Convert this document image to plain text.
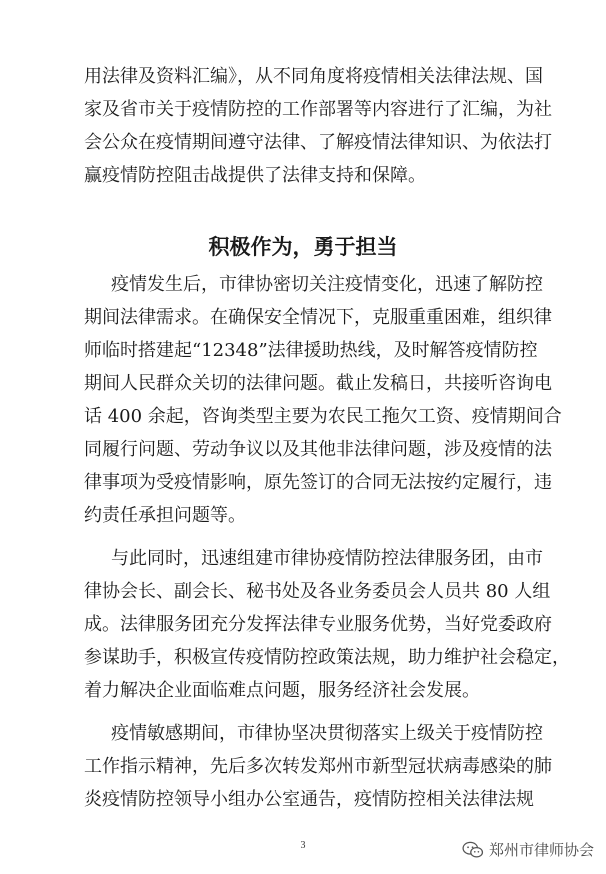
用法律及资料汇编》，从不同角度将疫情相关法律法规、国
家及省市关于疫情防控的工作部署等内容进行了汇编，为社
会公众在疫情期间遵守法律、了解疫情法律知识、为依法打
赢疫情防控阻击战提供了法律支持和保障。
积极作为，勇于担当
疫情发生后，市律协密切关注疫情变化，迅速了解防控
期间法律需求。在确保安全情况下，克服重重困难，组织律
师临时搭建起“12348”法律援助热线，及时解答疫情防控
期间人民群众关切的法律问题。截止发稿日，共接听咨询电
话 400 余起，咨询类型主要为农民工拖欠工资、疫情期间合
同履行问题、劳动争议以及其他非法律问题，涉及疫情的法
律事项为受疫情影响，原先签订的合同无法按约定履行，违
约责任承担问题等。
与此同时，迅速组建市律协疫情防控法律服务团，由市
律协会长、副会长、秘书处及各业务委员会人员共 80 人组
成。法律服务团充分发挥法律专业服务优势，当好党委政府
参谋助手，积极宣传疫情防控政策法规，助力维护社会稳定，
着力解决企业面临难点问题，服务经济社会发展。
疫情敏感期间，市律协坚决贯彻落实上级关于疫情防控
工作指示精神，先后多次转发郑州市新型冠状病毒感染的肺
炎疫情防控领导小组办公室通告，疫情防控相关法律法规
3	郑州市律师协会
